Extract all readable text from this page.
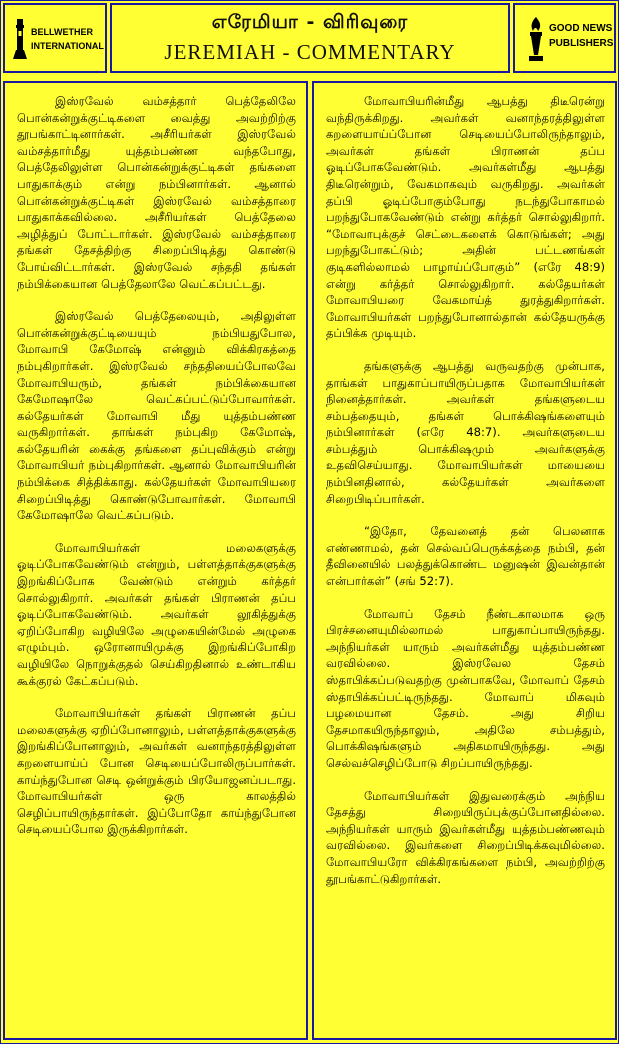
BELLWETHER
INTERNATIONAL
எரேமியா - விரிவுரை
JEREMIAH - COMMENTARY
GOOD NEWS
PUBLISHERS

இஸ்ரவேல் வம்சத்தார் பெத்தேலிலே பொன்கன்றுக்குட்டிகளை வைத்து அவற்றிற்கு தூபங்காட்டினார்கள். அசீரியர்கள் இஸ்ரவேல் வம்சத்தார்மீது யுத்தம்பண்ண வந்தபோது, பெத்தேலிலுள்ள பொன்கன்றுக்குட்டிகள் தங்களை பாதுகாக்கும் என்று நம்பினார்கள். ஆனால் பொன்கன்றுக்குட்டிகள் இஸ்ரவேல் வம்சத்தாரை பாதுகாக்கவில்லை. அசீரியர்கள் பெத்தேலை அழித்துப் போட்டார்கள். இஸ்ரவேல் வம்சத்தாரை தங்கள் தேசத்திற்கு சிறைப்பிடித்து கொண்டு போய்விட்டார்கள். இஸ்ரவேல் சந்ததி தங்கள் நம்பிக்கையான பெத்தேலாலே வெட்கப்பட்டது.

இஸ்ரவேல் பெத்தேலையும், அதிலுள்ள பொன்கன்றுக்குட்டியையும் நம்பியதுபோல, மோவாபி கேமோஷ் என்னும் விக்கிரகத்தை நம்புகிறார்கள். இஸ்ரவேல் சந்ததியைப்போலவே மோவாபியரும், தங்கள் நம்பிக்கையான கேமோஷாலே வெட்கப்பட்டுப்போவார்கள். கல்தேயர்கள் மோவாபி மீது யுத்தம்பண்ண வருகிறார்கள். தாங்கள் நம்புகிற கேமோஷ், கல்தேயரின் கைக்கு தங்களை தப்புவிக்கும் என்று மோவாபியர் நம்புகிறார்கள். ஆனால் மோவாபியரின் நம்பிக்கை சித்திக்காது. கல்தேயர்கள் மோவாபியரை சிறைப்பிடித்து கொண்டுபோவார்கள். மோவாபி கேமோஷாலே வெட்கப்படும்.

மோவாபியர்கள் மலைகளுக்கு ஓடிப்போகவேண்டும் என்றும், பள்ளத்தாக்குகளுக்கு இறங்கிப்போக வேண்டும் என்றும் கர்த்தர் சொல்லுகிறார். அவர்கள் தங்கள் பிராணன் தப்ப ஓடிப்போகவேண்டும். அவர்கள் லூகித்துக்கு ஏறிப்போகிற வழியிலே அழுகையின்மேல் அழுகை எழும்பும். ஒரோனாயிமுக்கு இறங்கிப்போகிற வழியிலே நொறுக்குதல் செய்கிறதினால் உண்டாகிய கூக்குரல் கேட்கப்படும்.

மோவாபியர்கள் தங்கள் பிராணன் தப்ப மலைகளுக்கு ஏறிப்போனாலும், பள்ளத்தாக்குகளுக்கு இறங்கிப்போனாலும், அவர்கள் வனாந்தரத்திலுள்ள கறளையாய்ப் போன செடியைப்போலிருப்பார்கள். காய்ந்துபோன செடி ஒன்றுக்கும் பிரயோஜனப்படாது. மோவாபியர்கள் ஒரு காலத்தில் செழிப்பாயிருந்தார்கள். இப்போதோ காய்ந்துபோன செடியைப்போல இருக்கிறார்கள்.

மோவாபியரின்மீது ஆபத்து திடீரென்று வந்திருக்கிறது. அவர்கள் வனாந்தரத்திலுள்ள கறளையாய்ப்போன செடியைப்போலிருந்தாலும், அவர்கள் தங்கள் பிராணன் தப்ப ஓடிப்போகவேண்டும். அவர்கள்மீது ஆபத்து திடீரென்றும், வேகமாகவும் வருகிறது. அவர்கள் தப்பி ஓடிப்போகும்போது நடந்துபோகாமல் பறந்துபோகவேண்டும் என்று கர்த்தர் சொல்லுகிறார். “மோவாபுக்குச் செட்டைகளைக் கொடுங்கள்; அது பறந்துபோகட்டும்; அதின் பட்டணங்கள் குடிகளில்லாமல் பாழாய்ப்போகும்” (எரே 48:9) என்று கர்த்தர் சொல்லுகிறார். கல்தேயர்கள் மோவாபியரை வேகமாய்த் துரத்துகிறார்கள். மோவாபியர்கள் பறந்துபோனால்தான் கல்தேயருக்கு தப்பிக்க முடியும்.

தங்களுக்கு ஆபத்து வருவதற்கு முன்பாக, தாங்கள் பாதுகாப்பாயிருப்பதாக மோவாபியர்கள் நினைத்தார்கள். அவர்கள் தங்களுடைய சம்பத்தையும், தங்கள் பொக்கிஷங்களையும் நம்பினார்கள் (எரே 48:7). அவர்களுடைய சம்பத்தும் பொக்கிஷமும் அவர்களுக்கு உதவிசெய்யாது. மோவாபியர்கள் மாயையை நம்பினதினால், கல்தேயர்கள் அவர்களை சிறைபிடிப்பார்கள்.

“இதோ, தேவனைத் தன் பெலனாக எண்ணாமல், தன் செல்வப்பெருக்கத்தை நம்பி, தன் தீவினையில் பலத்துக்கொண்ட மனுஷன் இவன்தான் என்பார்கள்” (சங் 52:7).

மோவாப் தேசம் நீண்டகாலமாக ஒரு பிரச்சனையுமில்லாமல் பாதுகாப்பாயிருந்தது. அந்நியர்கள் யாரும் அவர்கள்மீது யுத்தம்பண்ண வரவில்லை. இஸ்ரவேல தேசம் ஸ்தாபிக்கப்படுவதற்கு முன்பாகவே, மோவாப் தேசம் ஸ்தாபிக்கப்பட்டிருந்தது. மோவாப் மிகவும் பழமையான தேசம். அது சிறிய தேசமாகயிருந்தாலும், அதிலே சம்பத்தும், பொக்கிஷங்களும் அதிகமாயிருந்தது. அது செல்வச்செழிப்போடு சிறப்பாயிருந்தது.

மோவாபியர்கள் இதுவரைக்கும் அந்நிய தேசத்து சிறையிருப்புக்குப்போனதில்லை. அந்நியர்கள் யாரும் இவர்கள்மீது யுத்தம்பண்ணவும் வரவில்லை. இவர்களை சிறைப்பிடிக்கவுமில்லை. மோவாபியரோ விக்கிரகங்களை நம்பி, அவற்றிற்கு தூபங்காட்டுகிறார்கள்.
